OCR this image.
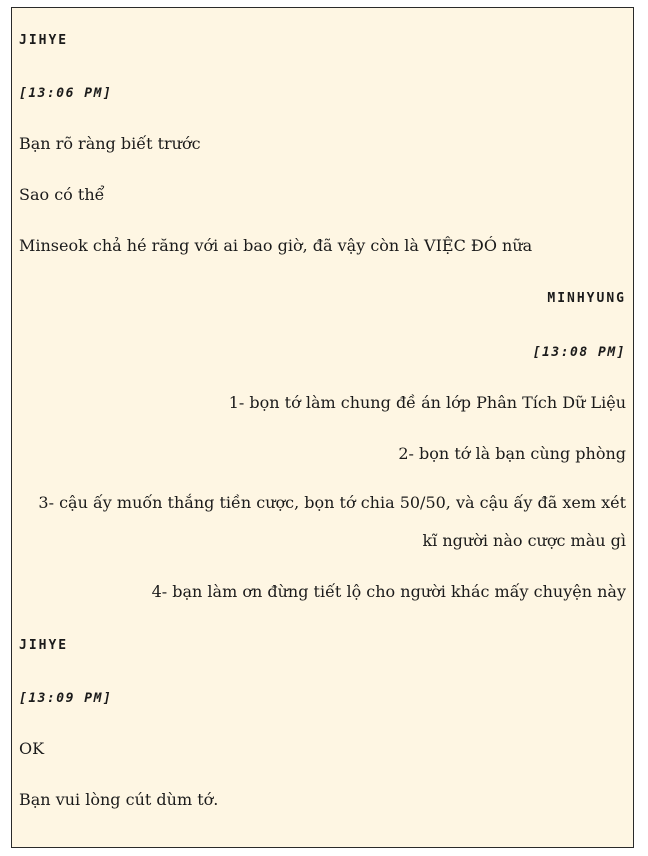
JIHYE
[13:06 PM]
Bạn rõ ràng biết trước
Sao có thể
Minseok chả hé răng với ai bao giờ, đã vậy còn là VIỆC ĐÓ nữa
MINHYUNG
[13:08 PM]
1- bọn tớ làm chung đề án lớp Phân Tích Dữ Liệu
2- bọn tớ là bạn cùng phòng
3- cậu ấy muốn thắng tiền cược, bọn tớ chia 50/50, và cậu ấy đã xem xét kĩ người nào cược màu gì
4- bạn làm ơn đừng tiết lộ cho người khác mấy chuyện này
JIHYE
[13:09 PM]
OK
Bạn vui lòng cút dùm tớ.
